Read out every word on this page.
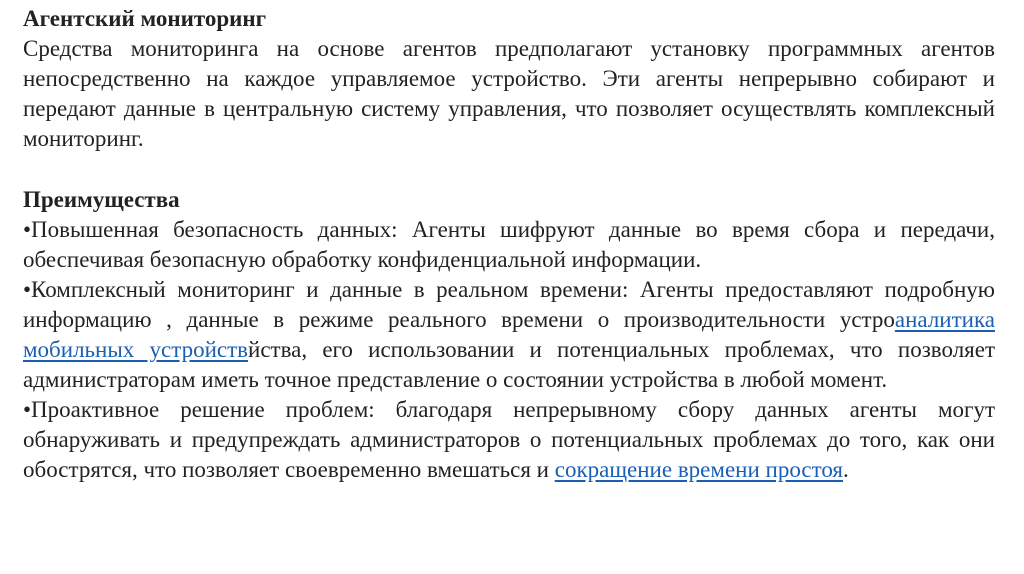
Агентский мониторинг

Средства мониторинга на основе агентов предполагают установку программных агентов непосредственно на каждое управляемое устройство. Эти агенты непрерывно собирают и передают данные в центральную систему управления, что позволяет осуществлять комплексный мониторинг.

Преимущества

•Повышенная безопасность данных: Агенты шифруют данные во время сбора и передачи, обеспечивая безопасную обработку конфиденциальной информации.

•Комплексный мониторинг и данные в реальном времени: Агенты предоставляют подробную информацию , данные в режиме реального времени о производительности устроаналитика мобильных устройствйства, его использовании и потенциальных проблемах, что позволяет администраторам иметь точное представление о состоянии устройства в любой момент.

•Проактивное решение проблем: благодаря непрерывному сбору данных агенты могут обнаруживать и предупреждать администраторов о потенциальных проблемах до того, как они обострятся, что позволяет своевременно вмешаться и сокращение времени простоя.
